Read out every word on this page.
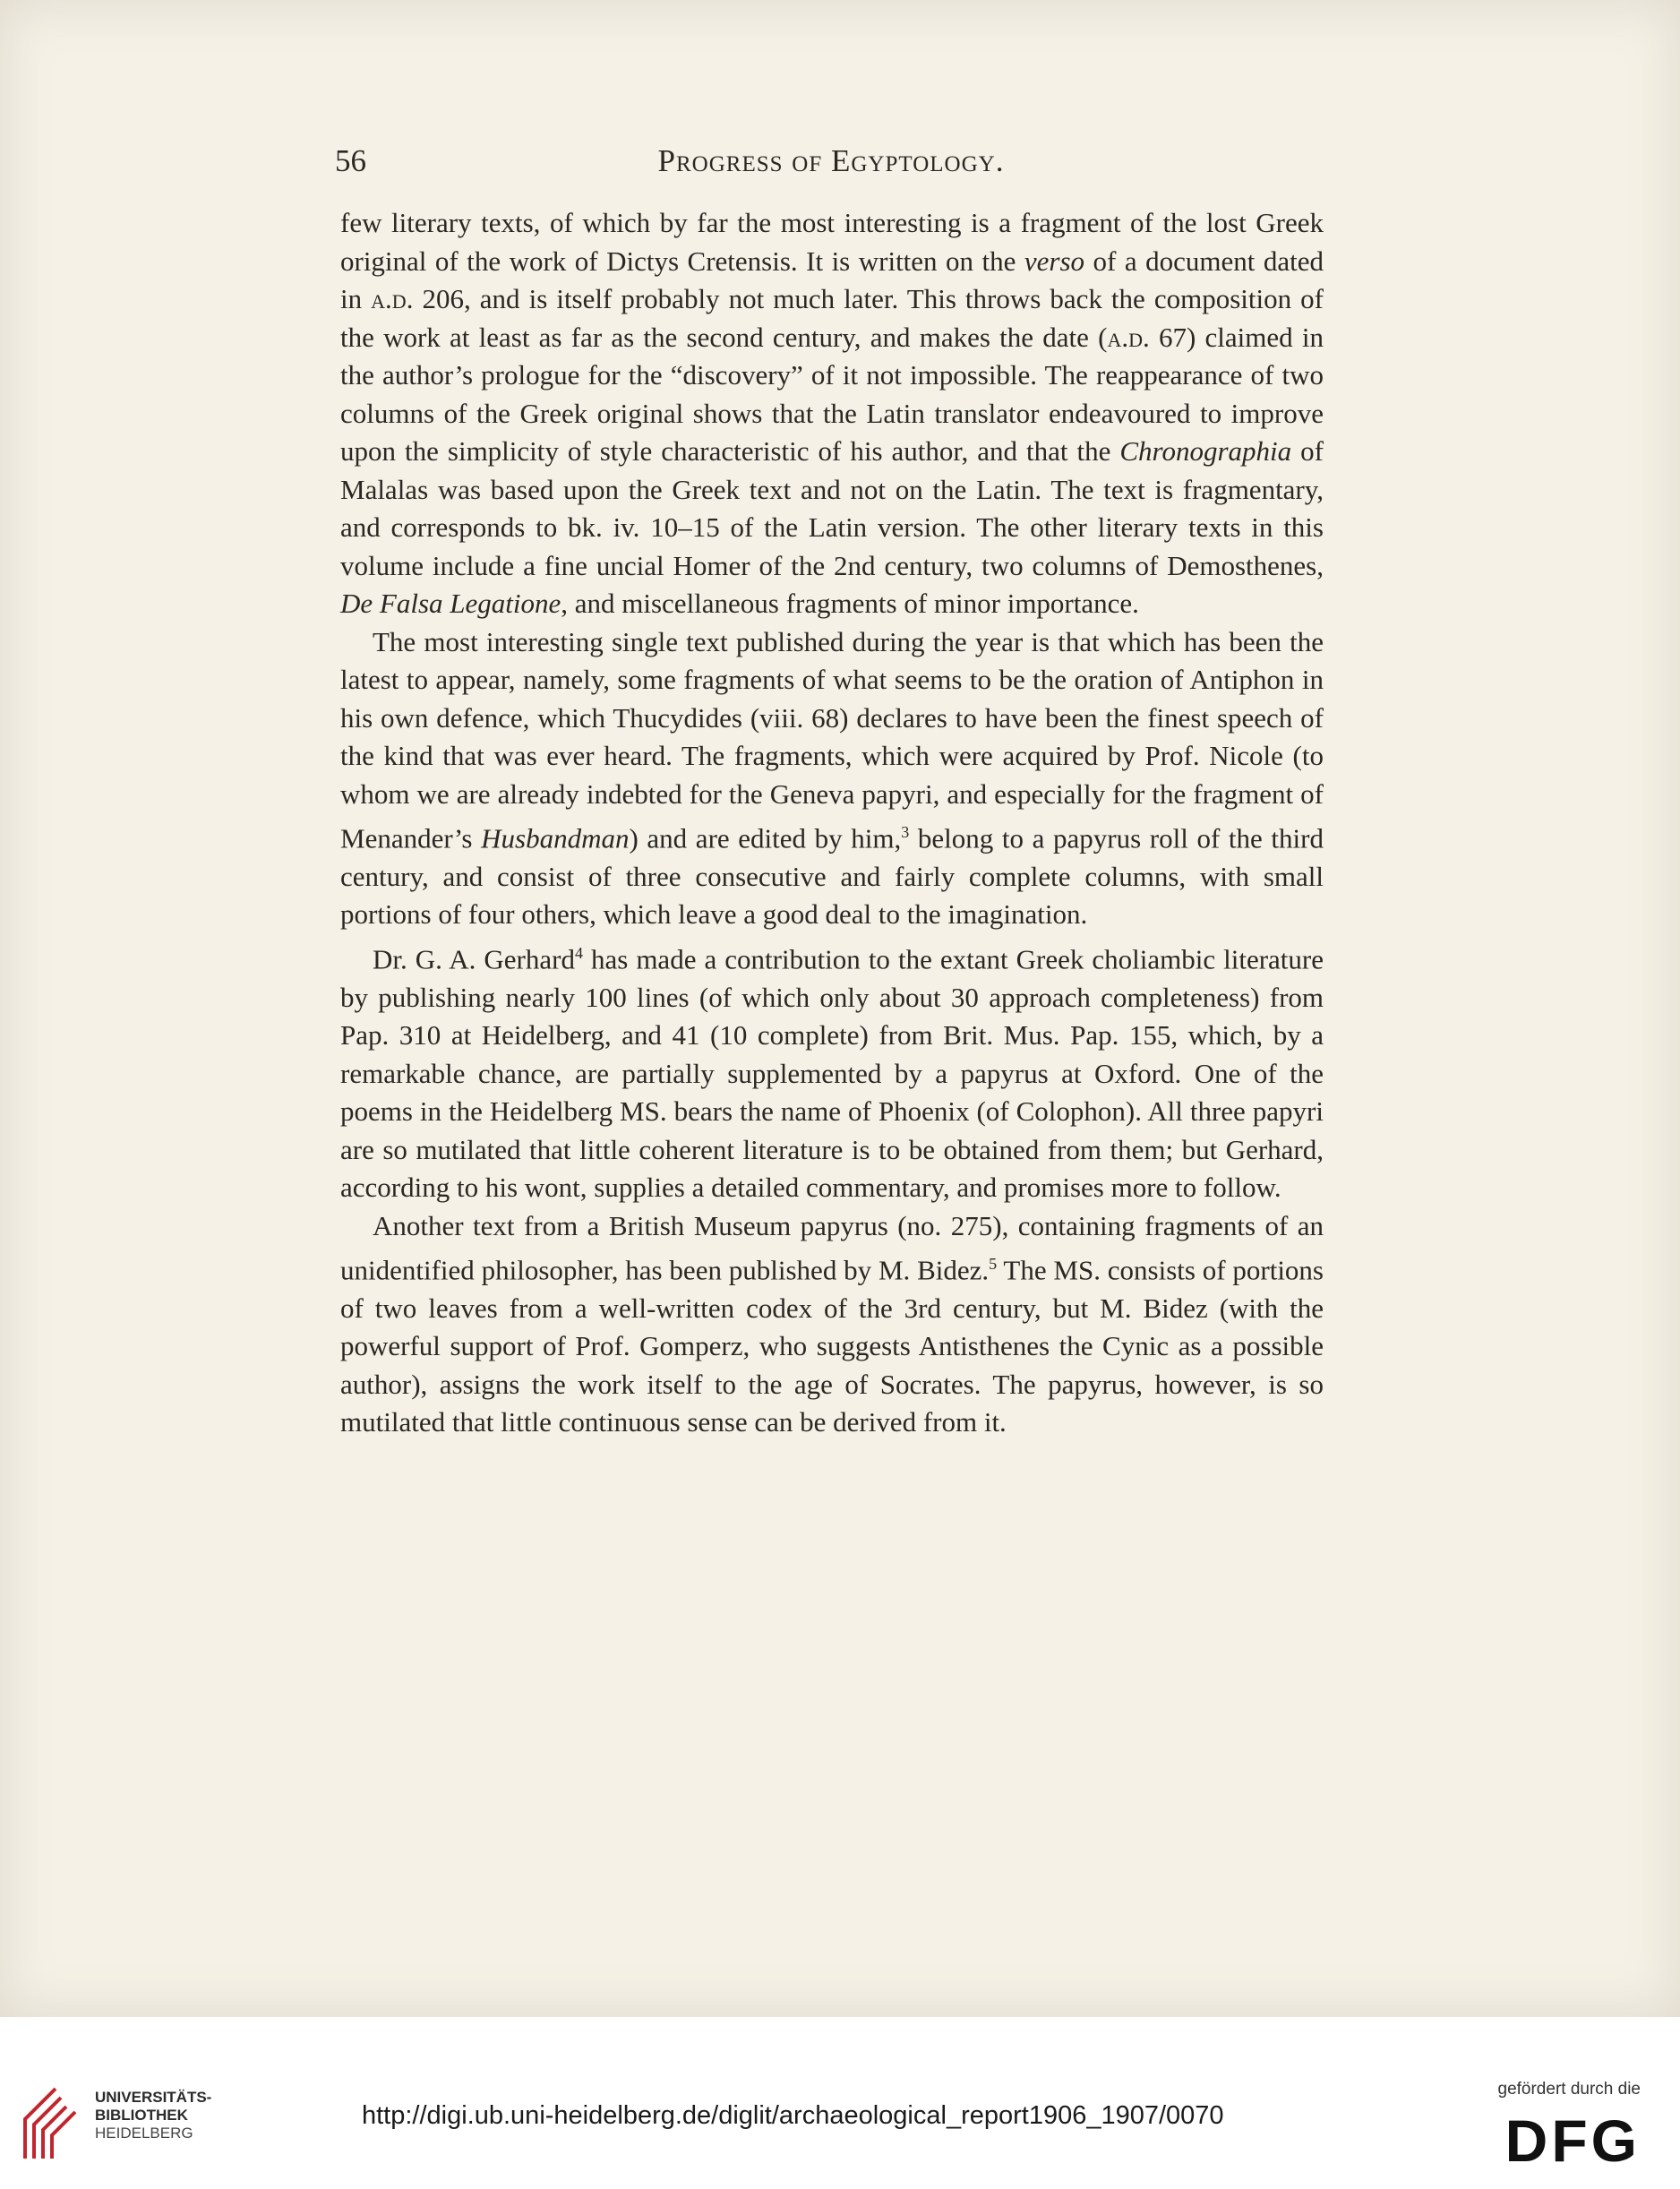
56	Progress of Egyptology.

few literary texts, of which by far the most interesting is a fragment of the lost Greek original of the work of Dictys Cretensis. It is written on the verso of a document dated in a.d. 206, and is itself probably not much later. This throws back the composition of the work at least as far as the second century, and makes the date (a.d. 67) claimed in the author’s prologue for the “discovery” of it not impossible. The reappearance of two columns of the Greek original shows that the Latin translator endeavoured to improve upon the simplicity of style characteristic of his author, and that the Chronographia of Malalas was based upon the Greek text and not on the Latin. The text is fragmentary, and corresponds to bk. iv. 10–15 of the Latin version. The other literary texts in this volume include a fine uncial Homer of the 2nd century, two columns of Demosthenes, De Falsa Legatione, and miscellaneous fragments of minor importance.

The most interesting single text published during the year is that which has been the latest to appear, namely, some fragments of what seems to be the oration of Antiphon in his own defence, which Thucydides (viii. 68) declares to have been the finest speech of the kind that was ever heard. The fragments, which were acquired by Prof. Nicole (to whom we are already indebted for the Geneva papyri, and especially for the fragment of Menander’s Husbandman) and are edited by him,$^3$ belong to a papyrus roll of the third century, and consist of three consecutive and fairly complete columns, with small portions of four others, which leave a good deal to the imagination.

Dr. G. A. Gerhard$^4$ has made a contribution to the extant Greek choliambic literature by publishing nearly 100 lines (of which only about 30 approach completeness) from Pap. 310 at Heidelberg, and 41 (10 complete) from Brit. Mus. Pap. 155, which, by a remarkable chance, are partially supplemented by a papyrus at Oxford. One of the poems in the Heidelberg MS. bears the name of Phoenix (of Colophon). All three papyri are so mutilated that little coherent literature is to be obtained from them; but Gerhard, according to his wont, supplies a detailed commentary, and promises more to follow.

Another text from a British Museum papyrus (no. 275), containing fragments of an unidentified philosopher, has been published by M. Bidez.$^5$ The MS. consists of portions of two leaves from a well-written codex of the 3rd century, but M. Bidez (with the powerful support of Prof. Gomperz, who suggests Antisthenes the Cynic as a possible author), assigns the work itself to the age of Socrates. The papyrus, however, is so mutilated that little continuous sense can be derived from it.

UNIVERSITÄTS-
BIBLIOTHEK
HEIDELBERG
http://digi.ub.uni-heidelberg.de/diglit/archaeological_report1906_1907/0070
gefördert durch die
DFG
